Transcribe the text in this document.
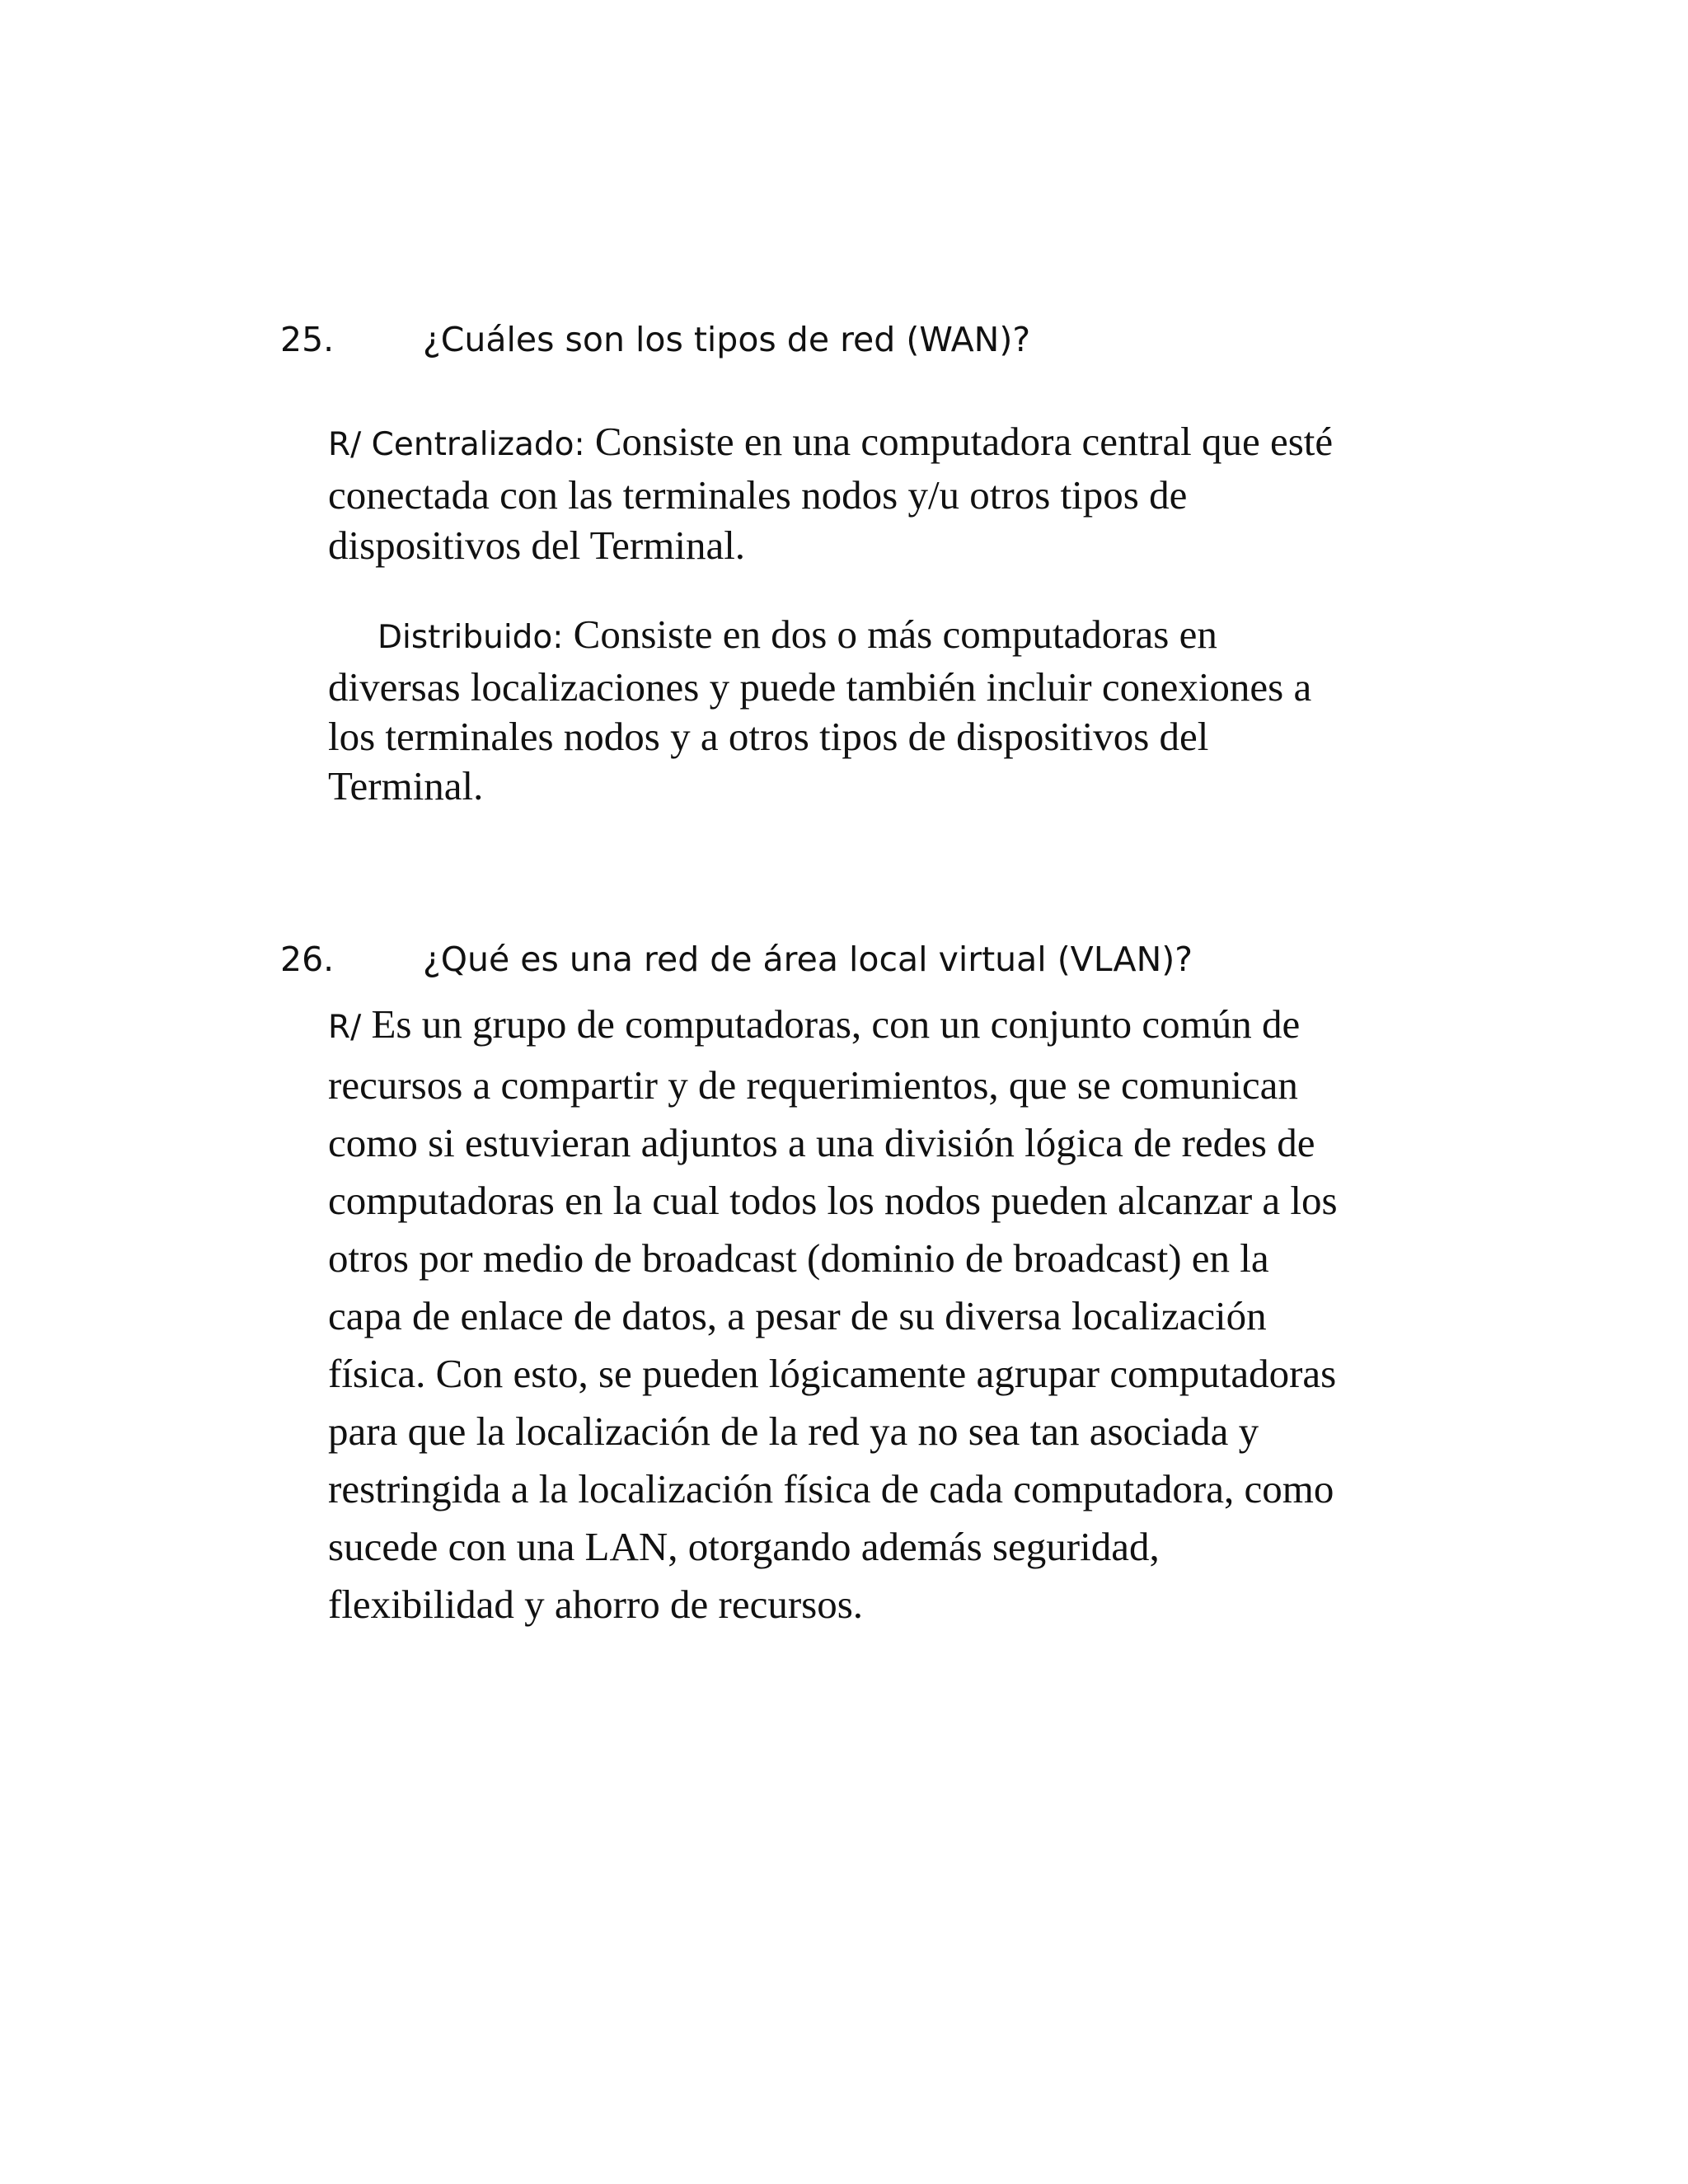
25.	¿Cuáles son los tipos de red (WAN)?
R/ Centralizado: Consiste en una computadora central que esté
conectada con las terminales nodos y/u otros tipos de
dispositivos del Terminal.
Distribuido: Consiste en dos o más computadoras en
diversas localizaciones y puede también incluir conexiones a
los terminales nodos y a otros tipos de dispositivos del
Terminal.
26.	¿Qué es una red de área local virtual (VLAN)?
R/ Es un grupo de computadoras, con un conjunto común de
recursos a compartir y de requerimientos, que se comunican
como si estuvieran adjuntos a una división lógica de redes de
computadoras en la cual todos los nodos pueden alcanzar a los
otros por medio de broadcast (dominio de broadcast) en la
capa de enlace de datos, a pesar de su diversa localización
física. Con esto, se pueden lógicamente agrupar computadoras
para que la localización de la red ya no sea tan asociada y
restringida a la localización física de cada computadora, como
sucede con una LAN, otorgando además seguridad,
flexibilidad y ahorro de recursos.
